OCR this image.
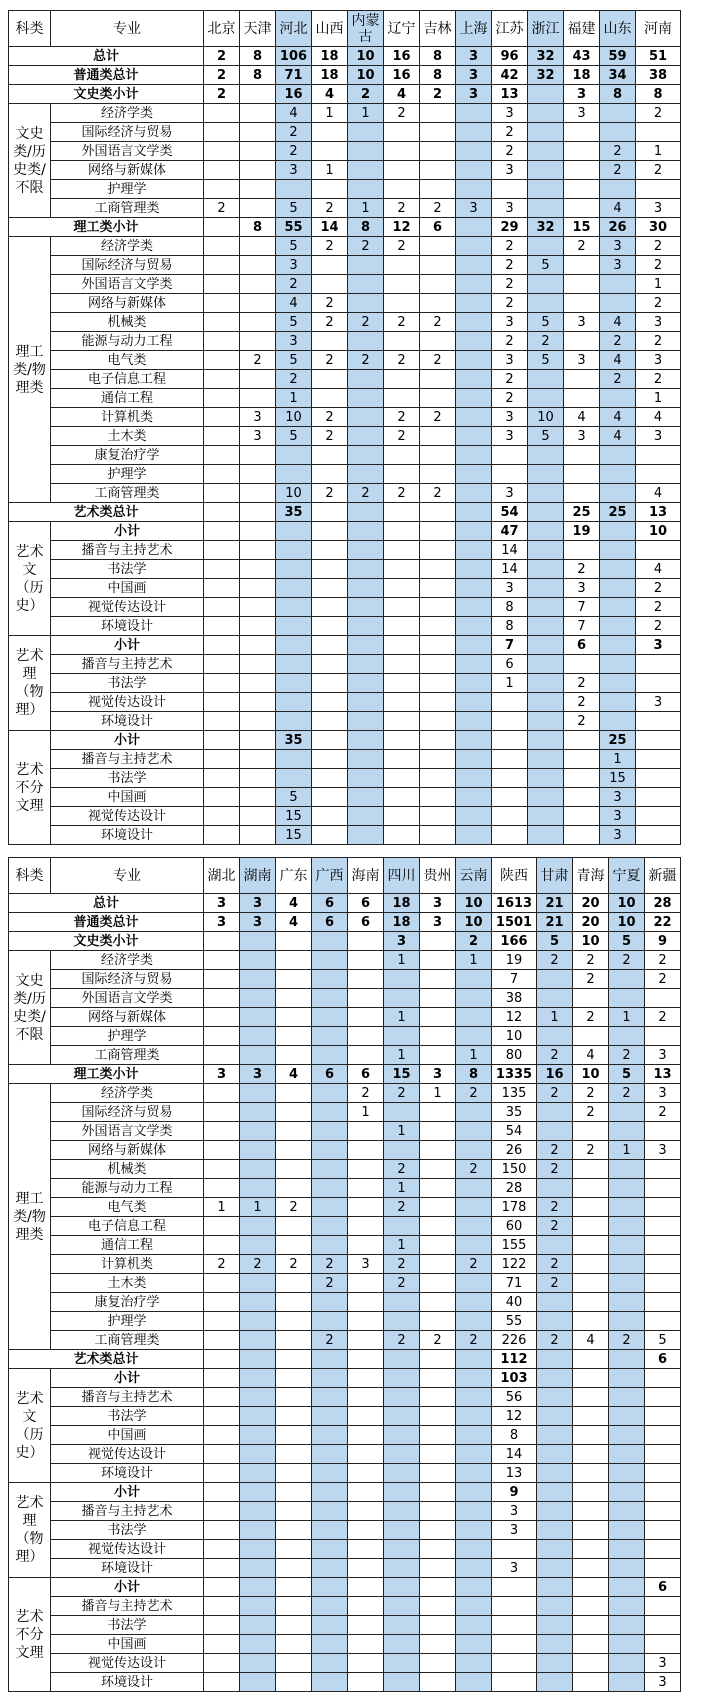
科类	专业	北京	天津	河北	山西	内蒙古	辽宁	吉林	上海	江苏	浙江	福建	山东	河南
总计		2	8	106	18	10	16	8	3	96	32	43	59	51
普通类总计		2	8	71	18	10	16	8	3	42	32	18	34	38
文史类小计		2		16	4	2	4	2	3	13		3	8	8
文史类/历史类/不限	经济学类			4	1	1	2			3		3		2
	国际经济与贸易			2						2				
	外国语言文学类			2						2			2	1
	网络与新媒体			3	1					3			2	2
	护理学													
	工商管理类	2		5	2	1	2	2	3	3			4	3
理工类小计			8	55	14	8	12	6		29	32	15	26	30
理工类/物理类	经济学类			5	2	2	2			2		2	3	2
	国际经济与贸易			3						2	5		3	2
	外国语言文学类			2						2				1
	网络与新媒体			4	2					2				2
	机械类			5	2	2	2	2		3	5	3	4	3
	能源与动力工程			3						2	2		2	2
	电气类		2	5	2	2	2	2		3	5	3	4	3
	电子信息工程			2						2			2	2
	通信工程			1						2				1
	计算机类		3	10	2		2	2		3	10	4	4	4
	土木类		3	5	2		2			3	5	3	4	3
	康复治疗学													
	护理学													
	工商管理类			10	2	2	2	2		3				4
艺术类总计				35						54		25	25	13
艺术文（历史）	小计									47		19		10
	播音与主持艺术									14				
	书法学									14		2		4
	中国画									3		3		2
	视觉传达设计									8		7		2
	环境设计									8		7		2
艺术理（物理）	小计									7		6		3
	播音与主持艺术									6				
	书法学									1		2		
	视觉传达设计											2		3
	环境设计											2		
艺术不分文理	小计			35									25	
	播音与主持艺术												1	
	书法学												15	
	中国画			5									3	
	视觉传达设计			15									3	
	环境设计			15									3	
科类	专业	湖北	湖南	广东	广西	海南	四川	贵州	云南	陕西	甘肃	青海	宁夏	新疆
总计		3	3	4	6	6	18	3	10	1613	21	20	10	28
普通类总计		3	3	4	6	6	18	3	10	1501	21	20	10	22
文史类小计							3		2	166	5	10	5	9
文史类/历史类/不限	经济学类						1		1	19	2	2	2	2
	国际经济与贸易									7		2		2
	外国语言文学类									38				
	网络与新媒体						1			12	1	2	1	2
	护理学									10				
	工商管理类						1		1	80	2	4	2	3
理工类小计		3	3	4	6	6	15	3	8	1335	16	10	5	13
理工类/物理类	经济学类					2	2	1	2	135	2	2	2	3
	国际经济与贸易					1				35		2		2
	外国语言文学类						1			54				
	网络与新媒体									26	2	2	1	3
	机械类						2		2	150	2			
	能源与动力工程						1			28				
	电气类	1	1	2			2			178	2			
	电子信息工程									60	2			
	通信工程						1			155				
	计算机类	2	2	2	2	3	2		2	122	2			
	土木类				2		2			71	2			
	康复治疗学									40				
	护理学									55				
	工商管理类				2		2	2	2	226	2	4	2	5
艺术类总计										112				6
艺术文（历史）	小计									103				
	播音与主持艺术									56				
	书法学									12				
	中国画									8				
	视觉传达设计									14				
	环境设计									13				
艺术理（物理）	小计									9				
	播音与主持艺术									3				
	书法学									3				
	视觉传达设计													
	环境设计									3				
艺术不分文理	小计													6
	播音与主持艺术													
	书法学													
	中国画													
	视觉传达设计													3
	环境设计													3
